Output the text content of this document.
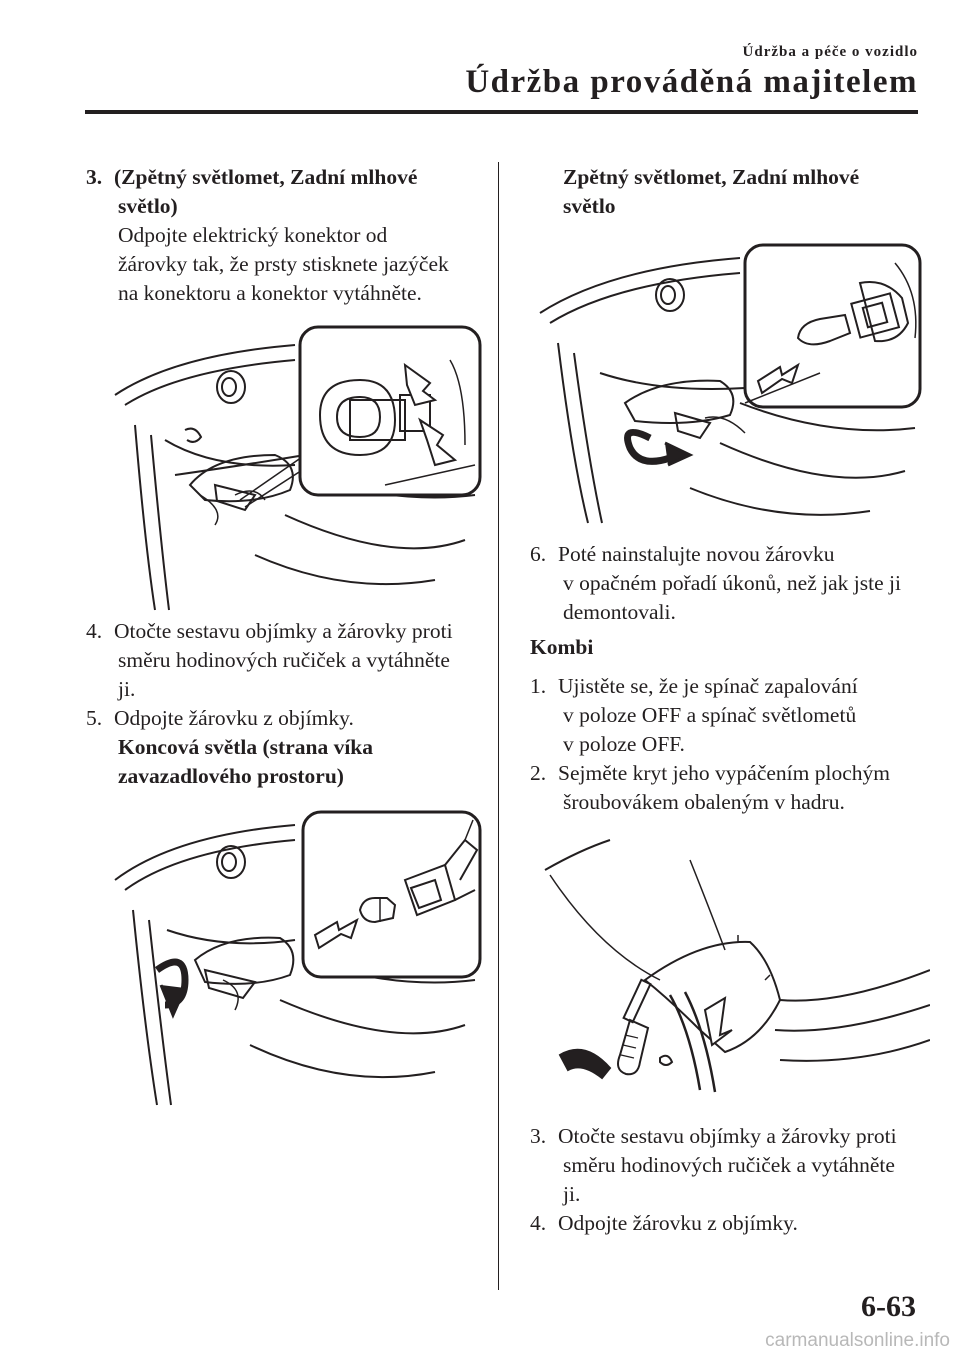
Údržba a péče o vozidlo
Údržba prováděná majitelem
3. (Zpětný světlomet, Zadní mlhové
světlo)
Odpojte elektrický konektor od
žárovky tak, že prsty stisknete jazýček
na konektoru a konektor vytáhněte.
4. Otočte sestavu objímky a žárovky proti
směru hodinových ručiček a vytáhněte
ji.
5. Odpojte žárovku z objímky.
Koncová světla (strana víka
zavazadlového prostoru)
Zpětný světlomet, Zadní mlhové
světlo
6. Poté nainstalujte novou žárovku
v opačném pořadí úkonů, než jak jste ji
demontovali.
Kombi
1. Ujistěte se, že je spínač zapalování
v poloze OFF a spínač světlometů
v poloze OFF.
2. Sejměte kryt jeho vypáčením plochým
šroubovákem obaleným v hadru.
3. Otočte sestavu objímky a žárovky proti
směru hodinových ručiček a vytáhněte
ji.
4. Odpojte žárovku z objímky.
6-63
carmanualsonline.info
